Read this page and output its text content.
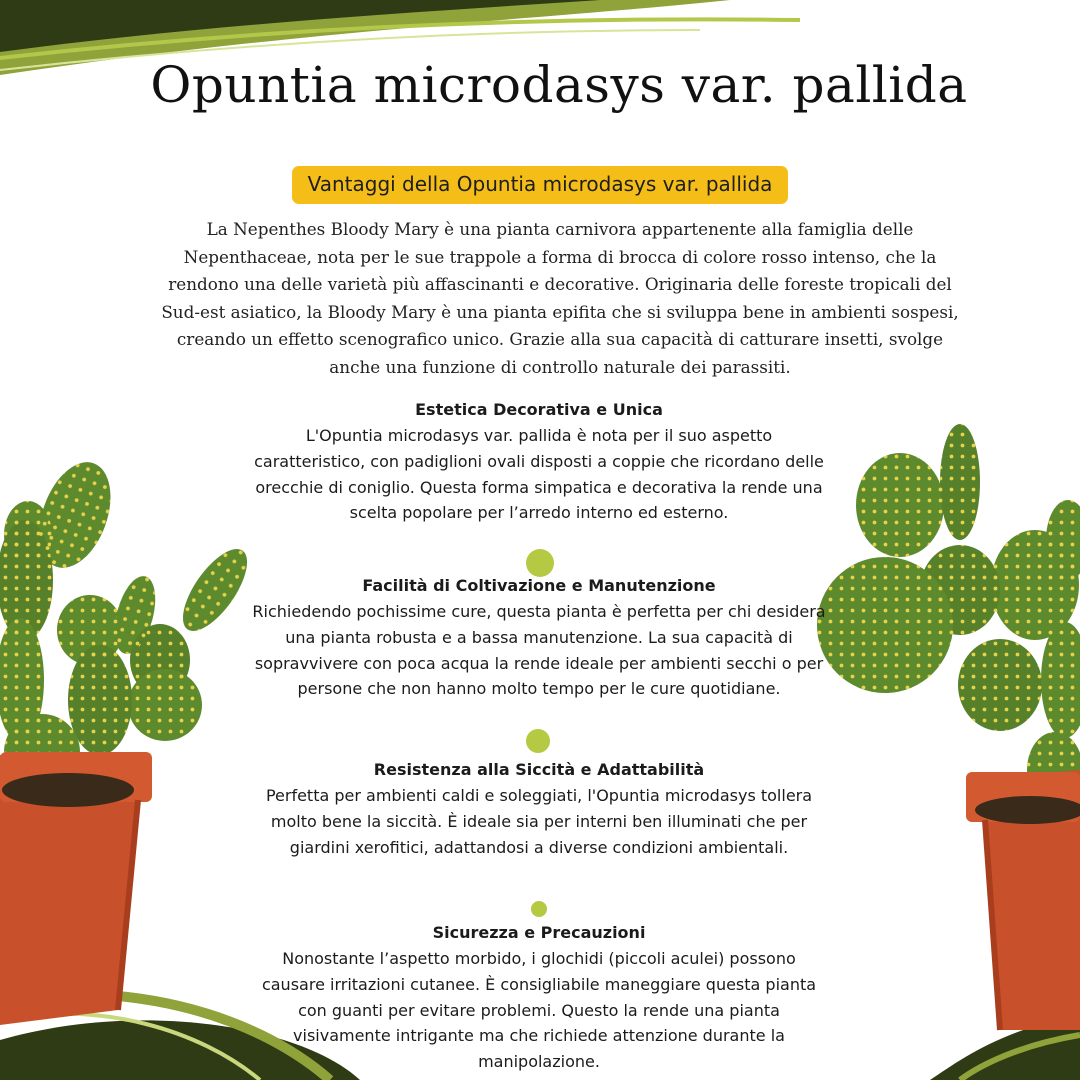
Opuntia microdasys var. pallida
Vantaggi della Opuntia microdasys var. pallida

La Nepenthes Bloody Mary è una pianta carnivora appartenente alla famiglia delle Nepenthaceae, nota per le sue trappole a forma di brocca di colore rosso intenso, che la rendono una delle varietà più affascinanti e decorative. Originaria delle foreste tropicali del Sud-est asiatico, la Bloody Mary è una pianta epifita che si sviluppa bene in ambienti sospesi, creando un effetto scenografico unico. Grazie alla sua capacità di catturare insetti, svolge anche una funzione di controllo naturale dei parassiti.

Estetica Decorativa e Unica

L'Opuntia microdasys var. pallida è nota per il suo aspetto caratteristico, con padiglioni ovali disposti a coppie che ricordano delle orecchie di coniglio. Questa forma simpatica e decorativa la rende una scelta popolare per l’arredo interno ed esterno.

Facilità di Coltivazione e Manutenzione

Richiedendo pochissime cure, questa pianta è perfetta per chi desidera una pianta robusta e a bassa manutenzione. La sua capacità di sopravvivere con poca acqua la rende ideale per ambienti secchi o per persone che non hanno molto tempo per le cure quotidiane.

Resistenza alla Siccità e Adattabilità

Perfetta per ambienti caldi e soleggiati, l'Opuntia microdasys tollera molto bene la siccità. È ideale sia per interni ben illuminati che per giardini xerofitici, adattandosi a diverse condizioni ambientali.

Sicurezza e Precauzioni

Nonostante l’aspetto morbido, i glochidi (piccoli aculei) possono causare irritazioni cutanee. È consigliabile maneggiare questa pianta con guanti per evitare problemi. Questo la rende una pianta visivamente intrigante ma che richiede attenzione durante la manipolazione.
